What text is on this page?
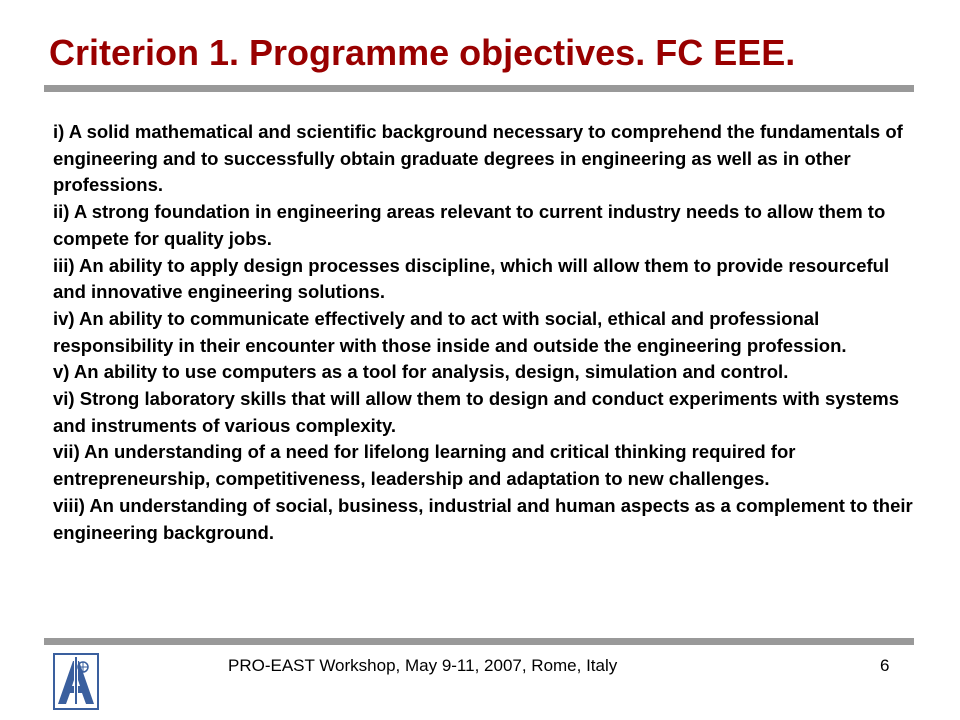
Criterion 1. Programme objectives. FC EEE.
i) A solid mathematical and scientific background necessary to comprehend the fundamentals of engineering and to successfully obtain graduate degrees in engineering as well as in other professions.
ii) A strong foundation in engineering areas relevant to current industry needs to allow them to compete for quality jobs.
iii) An ability to apply design processes discipline, which will allow them to provide resourceful and innovative engineering solutions.
iv) An ability to communicate effectively and to act with social, ethical and professional responsibility in their encounter with those inside and outside the engineering profession.
v) An ability to use computers as a tool for analysis, design, simulation and control.
vi) Strong laboratory skills that will allow them to design and conduct experiments with systems and instruments of various complexity.
vii) An understanding of a need for lifelong learning and critical thinking required for entrepreneurship, competitiveness, leadership and adaptation to new challenges.
viii) An understanding of social, business, industrial and human aspects as a complement to their engineering background.
PRO-EAST Workshop, May 9-11, 2007, Rome, Italy	6
